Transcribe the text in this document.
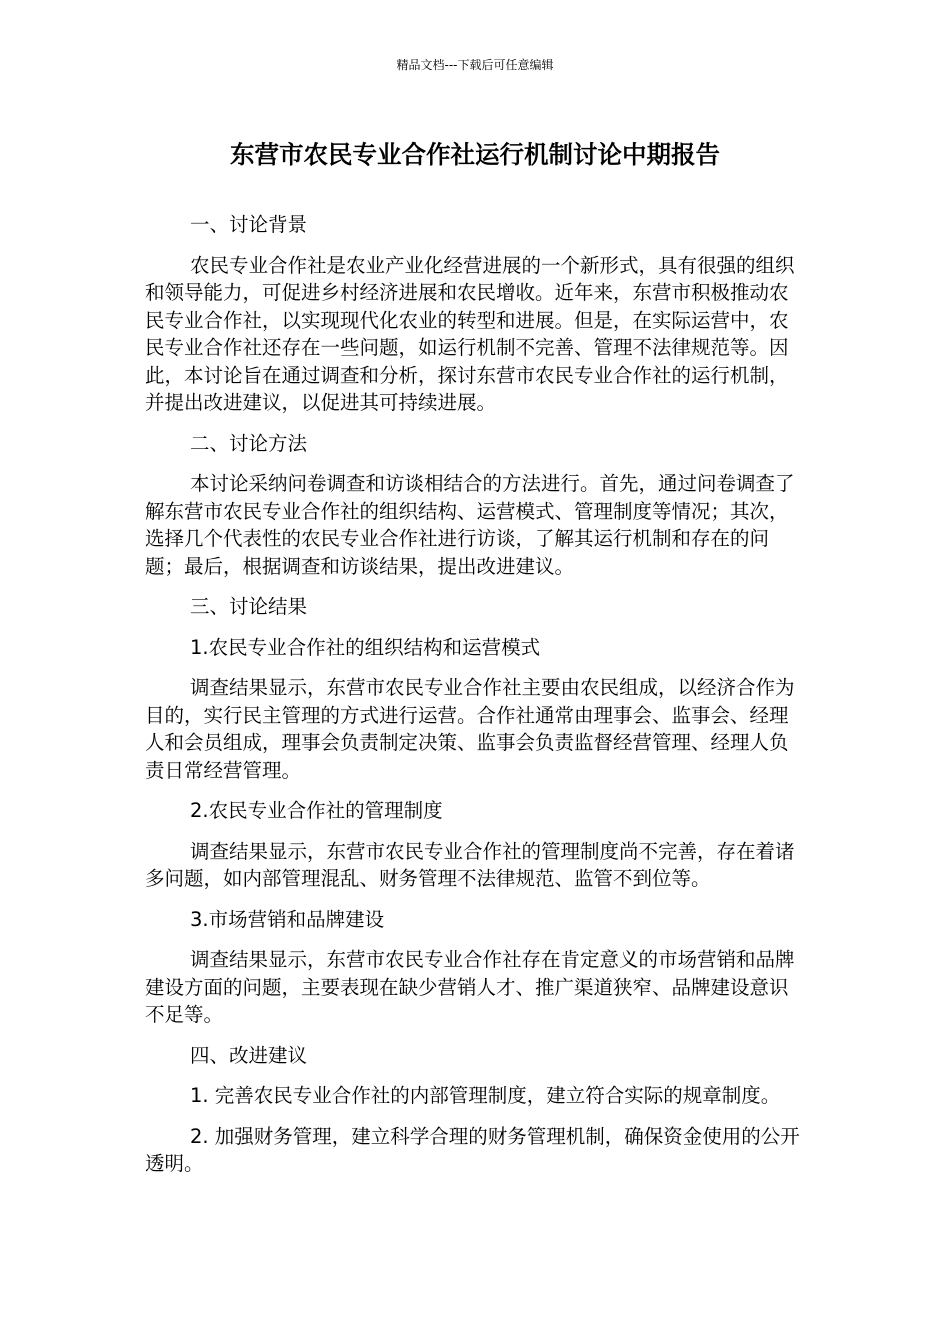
精品文档---下载后可任意编辑
东营市农民专业合作社运行机制讨论中期报告

一、讨论背景

农民专业合作社是农业产业化经营进展的一个新形式，具有很强的组织和领导能力，可促进乡村经济进展和农民增收。近年来，东营市积极推动农民专业合作社，以实现现代化农业的转型和进展。但是，在实际运营中，农民专业合作社还存在一些问题，如运行机制不完善、管理不法律规范等。因此，本讨论旨在通过调查和分析，探讨东营市农民专业合作社的运行机制，并提出改进建议，以促进其可持续进展。

二、讨论方法

本讨论采纳问卷调查和访谈相结合的方法进行。首先，通过问卷调查了解东营市农民专业合作社的组织结构、运营模式、管理制度等情况；其次，选择几个代表性的农民专业合作社进行访谈，了解其运行机制和存在的问题；最后，根据调查和访谈结果，提出改进建议。

三、讨论结果

1.农民专业合作社的组织结构和运营模式

调查结果显示，东营市农民专业合作社主要由农民组成，以经济合作为目的，实行民主管理的方式进行运营。合作社通常由理事会、监事会、经理人和会员组成，理事会负责制定决策、监事会负责监督经营管理、经理人负责日常经营管理。

2.农民专业合作社的管理制度

调查结果显示，东营市农民专业合作社的管理制度尚不完善，存在着诸多问题，如内部管理混乱、财务管理不法律规范、监管不到位等。

3.市场营销和品牌建设

调查结果显示，东营市农民专业合作社存在肯定意义的市场营销和品牌建设方面的问题，主要表现在缺少营销人才、推广渠道狭窄、品牌建设意识不足等。

四、改进建议

1. 完善农民专业合作社的内部管理制度，建立符合实际的规章制度。

2. 加强财务管理，建立科学合理的财务管理机制，确保资金使用的公开透明。
